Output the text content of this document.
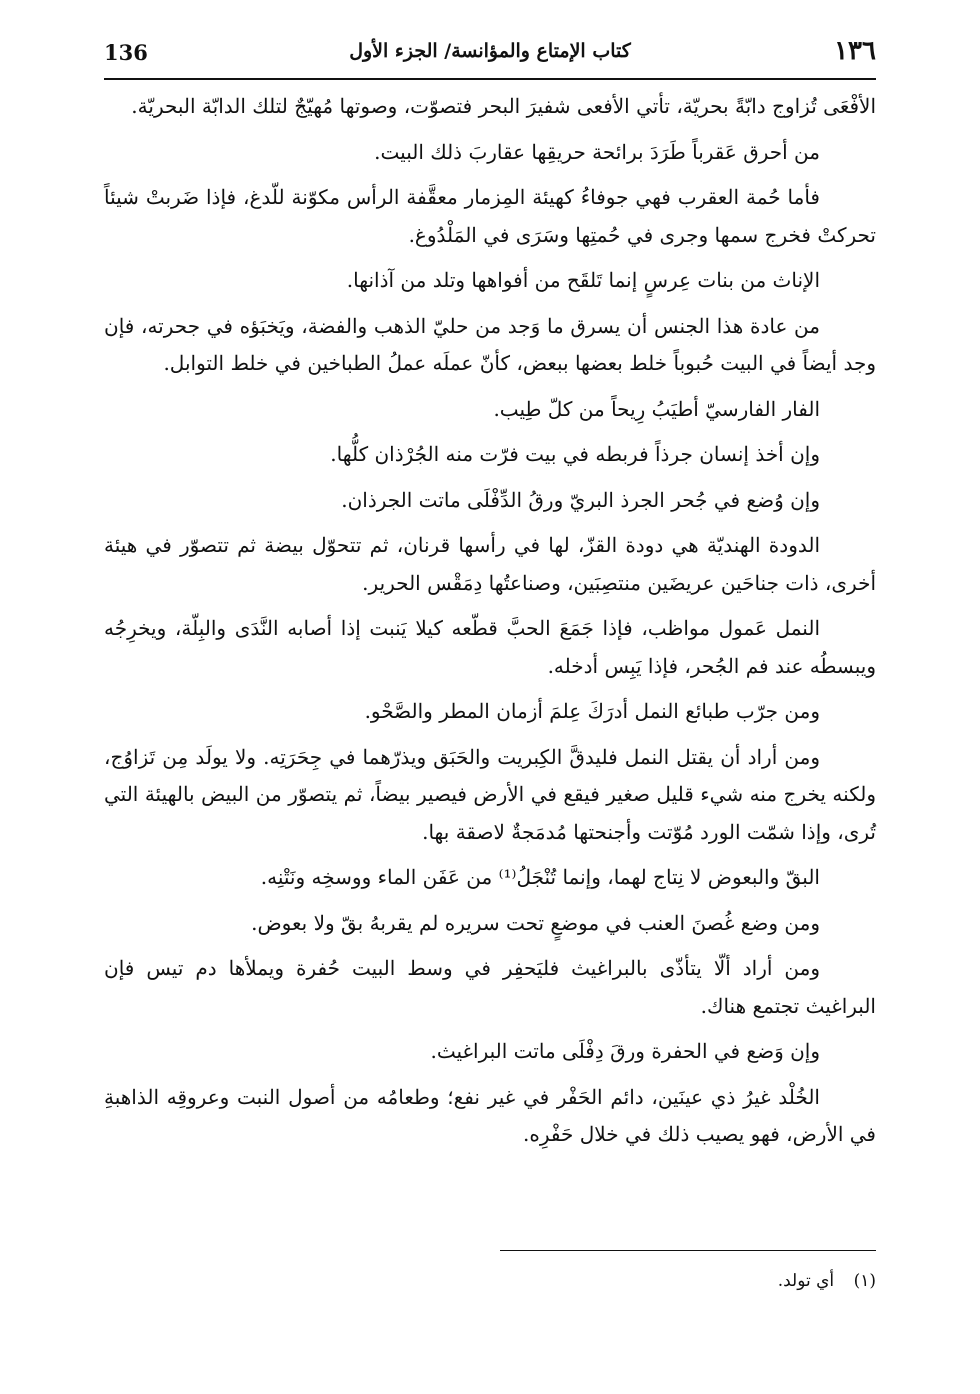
136	كتاب الإمتاع والمؤانسة/ الجزء الأول	١٣٦

الأفْعَى تُزاوج دابّةً بحريّة، تأتي الأفعى شفيرَ البحر فتصوّت، وصوتها مُهيّجٌ لتلك الدابّة البحريّة.

من أحرق عَقرباً طَرَدَ برائحة حريقِها عقاربَ ذلك البيت.

فأما حُمة العقرب فهي جوفاءُ كهيئة المِزمار معقَّفة الرأس مكوّنة للّدغ، فإذا ضَربتْ شيئاً تحركتْ فخرج سمها وجرى في حُمتِها وسَرَى في المَلْدُوغ.

الإناث من بنات عِرسٍ إنما تَلقَح من أفواهها وتلد من آذانها.

من عادة هذا الجنس أن يسرق ما وَجد من حليّ الذهب والفضة، ويَخبَؤه في جحرته، فإن وجد أيضاً في البيت حُبوباً خلط بعضها ببعض، كأنّ عملَه عملُ الطباخين في خلط التوابل.

الفار الفارسيّ أطيَبُ رِيحاً من كلّ طِيب.

وإن أخذ إنسان جرذاً فربطه في بيت فرّت منه الجُرْذان كلُّها.

وإن وُضع في جُحر الجرذ البريّ ورقُ الدِّفْلَى ماتت الجرذان.

الدودة الهنديّة هي دودة القزّ، لها في رأسها قرنان، ثم تتحوّل بيضة ثم تتصوّر في هيئة أخرى، ذات جناحَين عريضَين منتصِبَين، وصناعتُها دِمَقْس الحرير.

النمل عَمول مواظب، فإذا جَمَعَ الحبَّ قطّعه كيلا يَنبت إذا أصابه النَّدَى والبِلّة، ويخرِجُه ويبسطُه عند فم الجُحر، فإذا يَبِس أدخله.

ومن جرّب طبائع النمل أدرَكَ عِلمَ أزمان المطر والصَّحْو.

ومن أراد أن يقتل النمل فليدقَّ الكِبريت والحَبَق ويذرّهما في جِحَرَتِه. ولا يولَد مِن تَزاوُج، ولكنه يخرج منه شيء قليل صغير فيقع في الأرض فيصير بيضاً، ثم يتصوّر من البيض بالهيئة التي تُرى، وإذا شمّت الورد مُوّتت وأجنحتها مُدمَجةٌ لاصقة بها.

البقّ والبعوض لا نِتاج لهما، وإنما تُنْجَلُ⁽¹⁾ من عَفَن الماء ووسخِه ونَتْنِه.

ومن وضع غُصنَ العنب في موضعٍ تحت سريره لم يقربهُ بقّ ولا بعوض.

ومن أراد ألّا يتأذّى بالبراغيث فليَحفِر في وسط البيت حُفرة ويملأها دم تيس فإن البراغيث تجتمع هناك.

وإن وَضع في الحفرة ورقَ دِفْلَى ماتت البراغيث.

الخُلْد غيرُ ذي عينَين، دائم الحَفْر في غير نفع؛ وطعامُه من أصول النبت وعروقِه الذاهبةِ في الأرض، فهو يصيب ذلك في خلال حَفْرِه.

(١) أي تولد.
